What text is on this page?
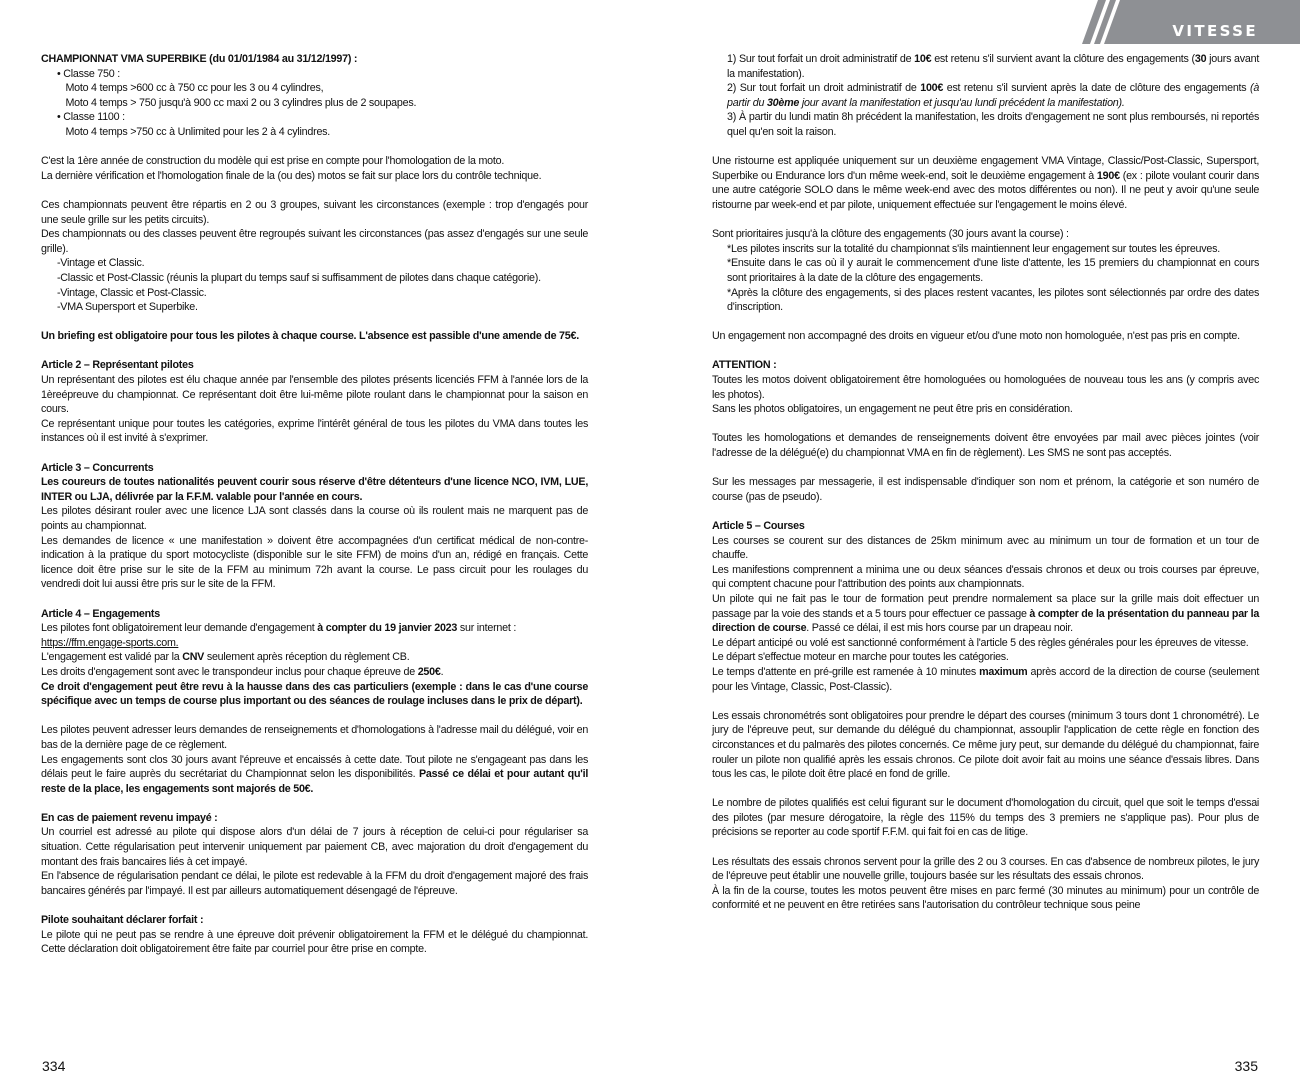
CHAMPIONNAT VMA SUPERBIKE (du 01/01/1984 au 31/12/1997) :

• Classe 750 :

Moto 4 temps >600 cc à 750 cc pour les 3 ou 4 cylindres,

Moto 4 temps > 750 jusqu'à 900 cc maxi 2 ou 3 cylindres plus de 2 soupapes.

• Classe 1100 :

Moto 4 temps >750 cc à Unlimited pour les 2 à 4 cylindres.

C'est la 1ère année de construction du modèle qui est prise en compte pour l'homologation de la moto.

La dernière vérification et l'homologation finale de la (ou des) motos se fait sur place lors du contrôle technique.

Ces championnats peuvent être répartis en 2 ou 3 groupes, suivant les circonstances (exemple : trop d'engagés pour une seule grille sur les petits circuits).

Des championnats ou des classes peuvent être regroupés suivant les circonstances (pas assez d'engagés sur une seule grille).

-Vintage et Classic.

-Classic et Post-Classic (réunis la plupart du temps sauf si suffisamment de pilotes dans chaque catégorie).

-Vintage, Classic et Post-Classic.

-VMA Supersport et Superbike.

Un briefing est obligatoire pour tous les pilotes à chaque course. L'absence est passible d'une amende de 75€.

Article 2 – Représentant pilotes

Un représentant des pilotes est élu chaque année par l'ensemble des pilotes présents licenciés FFM à l'année lors de la 1èreépreuve du championnat. Ce représentant doit être lui-même pilote roulant dans le championnat pour la saison en cours.

Ce représentant unique pour toutes les catégories, exprime l'intérêt général de tous les pilotes du VMA dans toutes les instances où il est invité à s'exprimer.

Article 3 – Concurrents

Les coureurs de toutes nationalités peuvent courir sous réserve d'être détenteurs d'une licence NCO, IVM, LUE, INTER ou LJA, délivrée par la F.F.M. valable pour l'année en cours.

Les pilotes désirant rouler avec une licence LJA sont classés dans la course où ils roulent mais ne marquent pas de points au championnat.

Les demandes de licence « une manifestation » doivent être accompagnées d'un certificat médical de non-contre-indication à la pratique du sport motocycliste (disponible sur le site FFM) de moins d'un an, rédigé en français. Cette licence doit être prise sur le site de la FFM au minimum 72h avant la course. Le pass circuit pour les roulages du vendredi doit lui aussi être pris sur le site de la FFM.

Article 4 – Engagements

Les pilotes font obligatoirement leur demande d'engagement à compter du 19 janvier 2023 sur internet :

https://ffm.engage-sports.com.

L'engagement est validé par la CNV seulement après réception du règlement CB.

Les droits d'engagement sont avec le transpondeur inclus pour chaque épreuve de 250€.

Ce droit d'engagement peut être revu à la hausse dans des cas particuliers (exemple : dans le cas d'une course spécifique avec un temps de course plus important ou des séances de roulage incluses dans le prix de départ).

Les pilotes peuvent adresser leurs demandes de renseignements et d'homologations à l'adresse mail du délégué, voir en bas de la dernière page de ce règlement.

Les engagements sont clos 30 jours avant l'épreuve et encaissés à cette date. Tout pilote ne s'engageant pas dans les délais peut le faire auprès du secrétariat du Championnat selon les disponibilités. Passé ce délai et pour autant qu'il reste de la place, les engagements sont majorés de 50€.

En cas de paiement revenu impayé :

Un courriel est adressé au pilote qui dispose alors d'un délai de 7 jours à réception de celui-ci pour régulariser sa situation. Cette régularisation peut intervenir uniquement par paiement CB, avec majoration du droit d'engagement du montant des frais bancaires liés à cet impayé.

En l'absence de régularisation pendant ce délai, le pilote est redevable à la FFM du droit d'engagement majoré des frais bancaires générés par l'impayé. Il est par ailleurs automatiquement désengagé de l'épreuve.

Pilote souhaitant déclarer forfait :

Le pilote qui ne peut pas se rendre à une épreuve doit prévenir obligatoirement la FFM et le délégué du championnat. Cette déclaration doit obligatoirement être faite par courriel pour être prise en compte.

334

1) Sur tout forfait un droit administratif de 10€ est retenu s'il survient avant la clôture des engagements (30 jours avant la manifestation).

2) Sur tout forfait un droit administratif de 100€ est retenu s'il survient après la date de clôture des engagements (à partir du 30ème jour avant la manifestation et jusqu'au lundi précédent la manifestation).

3) À partir du lundi matin 8h précédent la manifestation, les droits d'engagement ne sont plus remboursés, ni reportés quel qu'en soit la raison.

Une ristourne est appliquée uniquement sur un deuxième engagement VMA Vintage, Classic/Post-Classic, Supersport, Superbike ou Endurance lors d'un même week-end, soit le deuxième engagement à 190€ (ex : pilote voulant courir dans une autre catégorie SOLO dans le même week-end avec des motos différentes ou non). Il ne peut y avoir qu'une seule ristourne par week-end et par pilote, uniquement effectuée sur l'engagement le moins élevé.

Sont prioritaires jusqu'à la clôture des engagements (30 jours avant la course) :

*Les pilotes inscrits sur la totalité du championnat s'ils maintiennent leur engagement sur toutes les épreuves.

*Ensuite dans le cas où il y aurait le commencement d'une liste d'attente, les 15 premiers du championnat en cours sont prioritaires à la date de la clôture des engagements.

*Après la clôture des engagements, si des places restent vacantes, les pilotes sont sélectionnés par ordre des dates d'inscription.

Un engagement non accompagné des droits en vigueur et/ou d'une moto non homologuée, n'est pas pris en compte.

ATTENTION :

Toutes les motos doivent obligatoirement être homologuées ou homologuées de nouveau tous les ans (y compris avec les photos).

Sans les photos obligatoires, un engagement ne peut être pris en considération.

Toutes les homologations et demandes de renseignements doivent être envoyées par mail avec pièces jointes (voir l'adresse de la délégué(e) du championnat VMA en fin de règlement). Les SMS ne sont pas acceptés.

Sur les messages par messagerie, il est indispensable d'indiquer son nom et prénom, la catégorie et son numéro de course (pas de pseudo).

Article 5 – Courses

Les courses se courent sur des distances de 25km minimum avec au minimum un tour de formation et un tour de chauffe.

Les manifestions comprennent a minima une ou deux séances d'essais chronos et deux ou trois courses par épreuve, qui comptent chacune pour l'attribution des points aux championnats.

Un pilote qui ne fait pas le tour de formation peut prendre normalement sa place sur la grille mais doit effectuer un passage par la voie des stands et a 5 tours pour effectuer ce passage à compter de la présentation du panneau par la direction de course. Passé ce délai, il est mis hors course par un drapeau noir.

Le départ anticipé ou volé est sanctionné conformément à l'article 5 des règles générales pour les épreuves de vitesse.

Le départ s'effectue moteur en marche pour toutes les catégories.

Le temps d'attente en pré-grille est ramenée à 10 minutes maximum après accord de la direction de course (seulement pour les Vintage, Classic, Post-Classic).

Les essais chronométrés sont obligatoires pour prendre le départ des courses (minimum 3 tours dont 1 chronométré). Le jury de l'épreuve peut, sur demande du délégué du championnat, assouplir l'application de cette règle en fonction des circonstances et du palmarès des pilotes concernés. Ce même jury peut, sur demande du délégué du championnat, faire rouler un pilote non qualifié après les essais chronos. Ce pilote doit avoir fait au moins une séance d'essais libres. Dans tous les cas, le pilote doit être placé en fond de grille.

Le nombre de pilotes qualifiés est celui figurant sur le document d'homologation du circuit, quel que soit le temps d'essai des pilotes (par mesure dérogatoire, la règle des 115% du temps des 3 premiers ne s'applique pas). Pour plus de précisions se reporter au code sportif F.F.M. qui fait foi en cas de litige.

Les résultats des essais chronos servent pour la grille des 2 ou 3 courses. En cas d'absence de nombreux pilotes, le jury de l'épreuve peut établir une nouvelle grille, toujours basée sur les résultats des essais chronos.

À la fin de la course, toutes les motos peuvent être mises en parc fermé (30 minutes au minimum) pour un contrôle de conformité et ne peuvent en être retirées sans l'autorisation du contrôleur technique sous peine

335
VITESSE
